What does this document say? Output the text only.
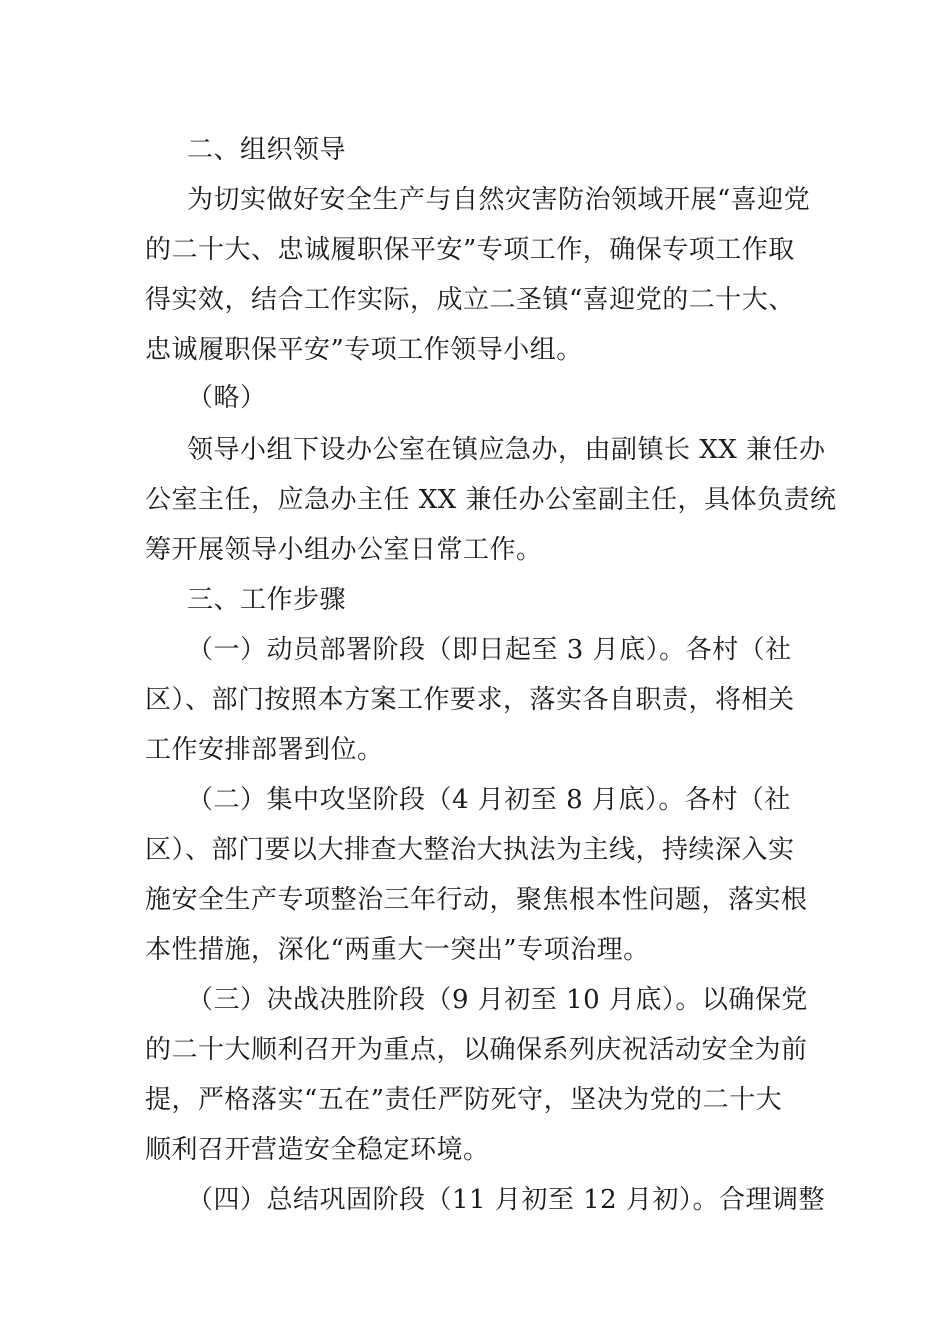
二、组织领导
为切实做好安全生产与自然灾害防治领域开展“喜迎党
的二十大、忠诚履职保平安”专项工作，确保专项工作取
得实效，结合工作实际，成立二圣镇“喜迎党的二十大、
忠诚履职保平安”专项工作领导小组。
（略）
领导小组下设办公室在镇应急办，由副镇长 XX 兼任办
公室主任，应急办主任 XX 兼任办公室副主任，具体负责统
筹开展领导小组办公室日常工作。
三、工作步骤
（一）动员部署阶段（即日起至 3 月底）。各村（社
区）、部门按照本方案工作要求，落实各自职责，将相关
工作安排部署到位。
（二）集中攻坚阶段（4 月初至 8 月底）。各村（社
区）、部门要以大排查大整治大执法为主线，持续深入实
施安全生产专项整治三年行动，聚焦根本性问题，落实根
本性措施，深化“两重大一突出”专项治理。
（三）决战决胜阶段（9 月初至 10 月底）。以确保党
的二十大顺利召开为重点，以确保系列庆祝活动安全为前
提，严格落实“五在”责任严防死守，坚决为党的二十大
顺利召开营造安全稳定环境。
（四）总结巩固阶段（11 月初至 12 月初）。合理调整
